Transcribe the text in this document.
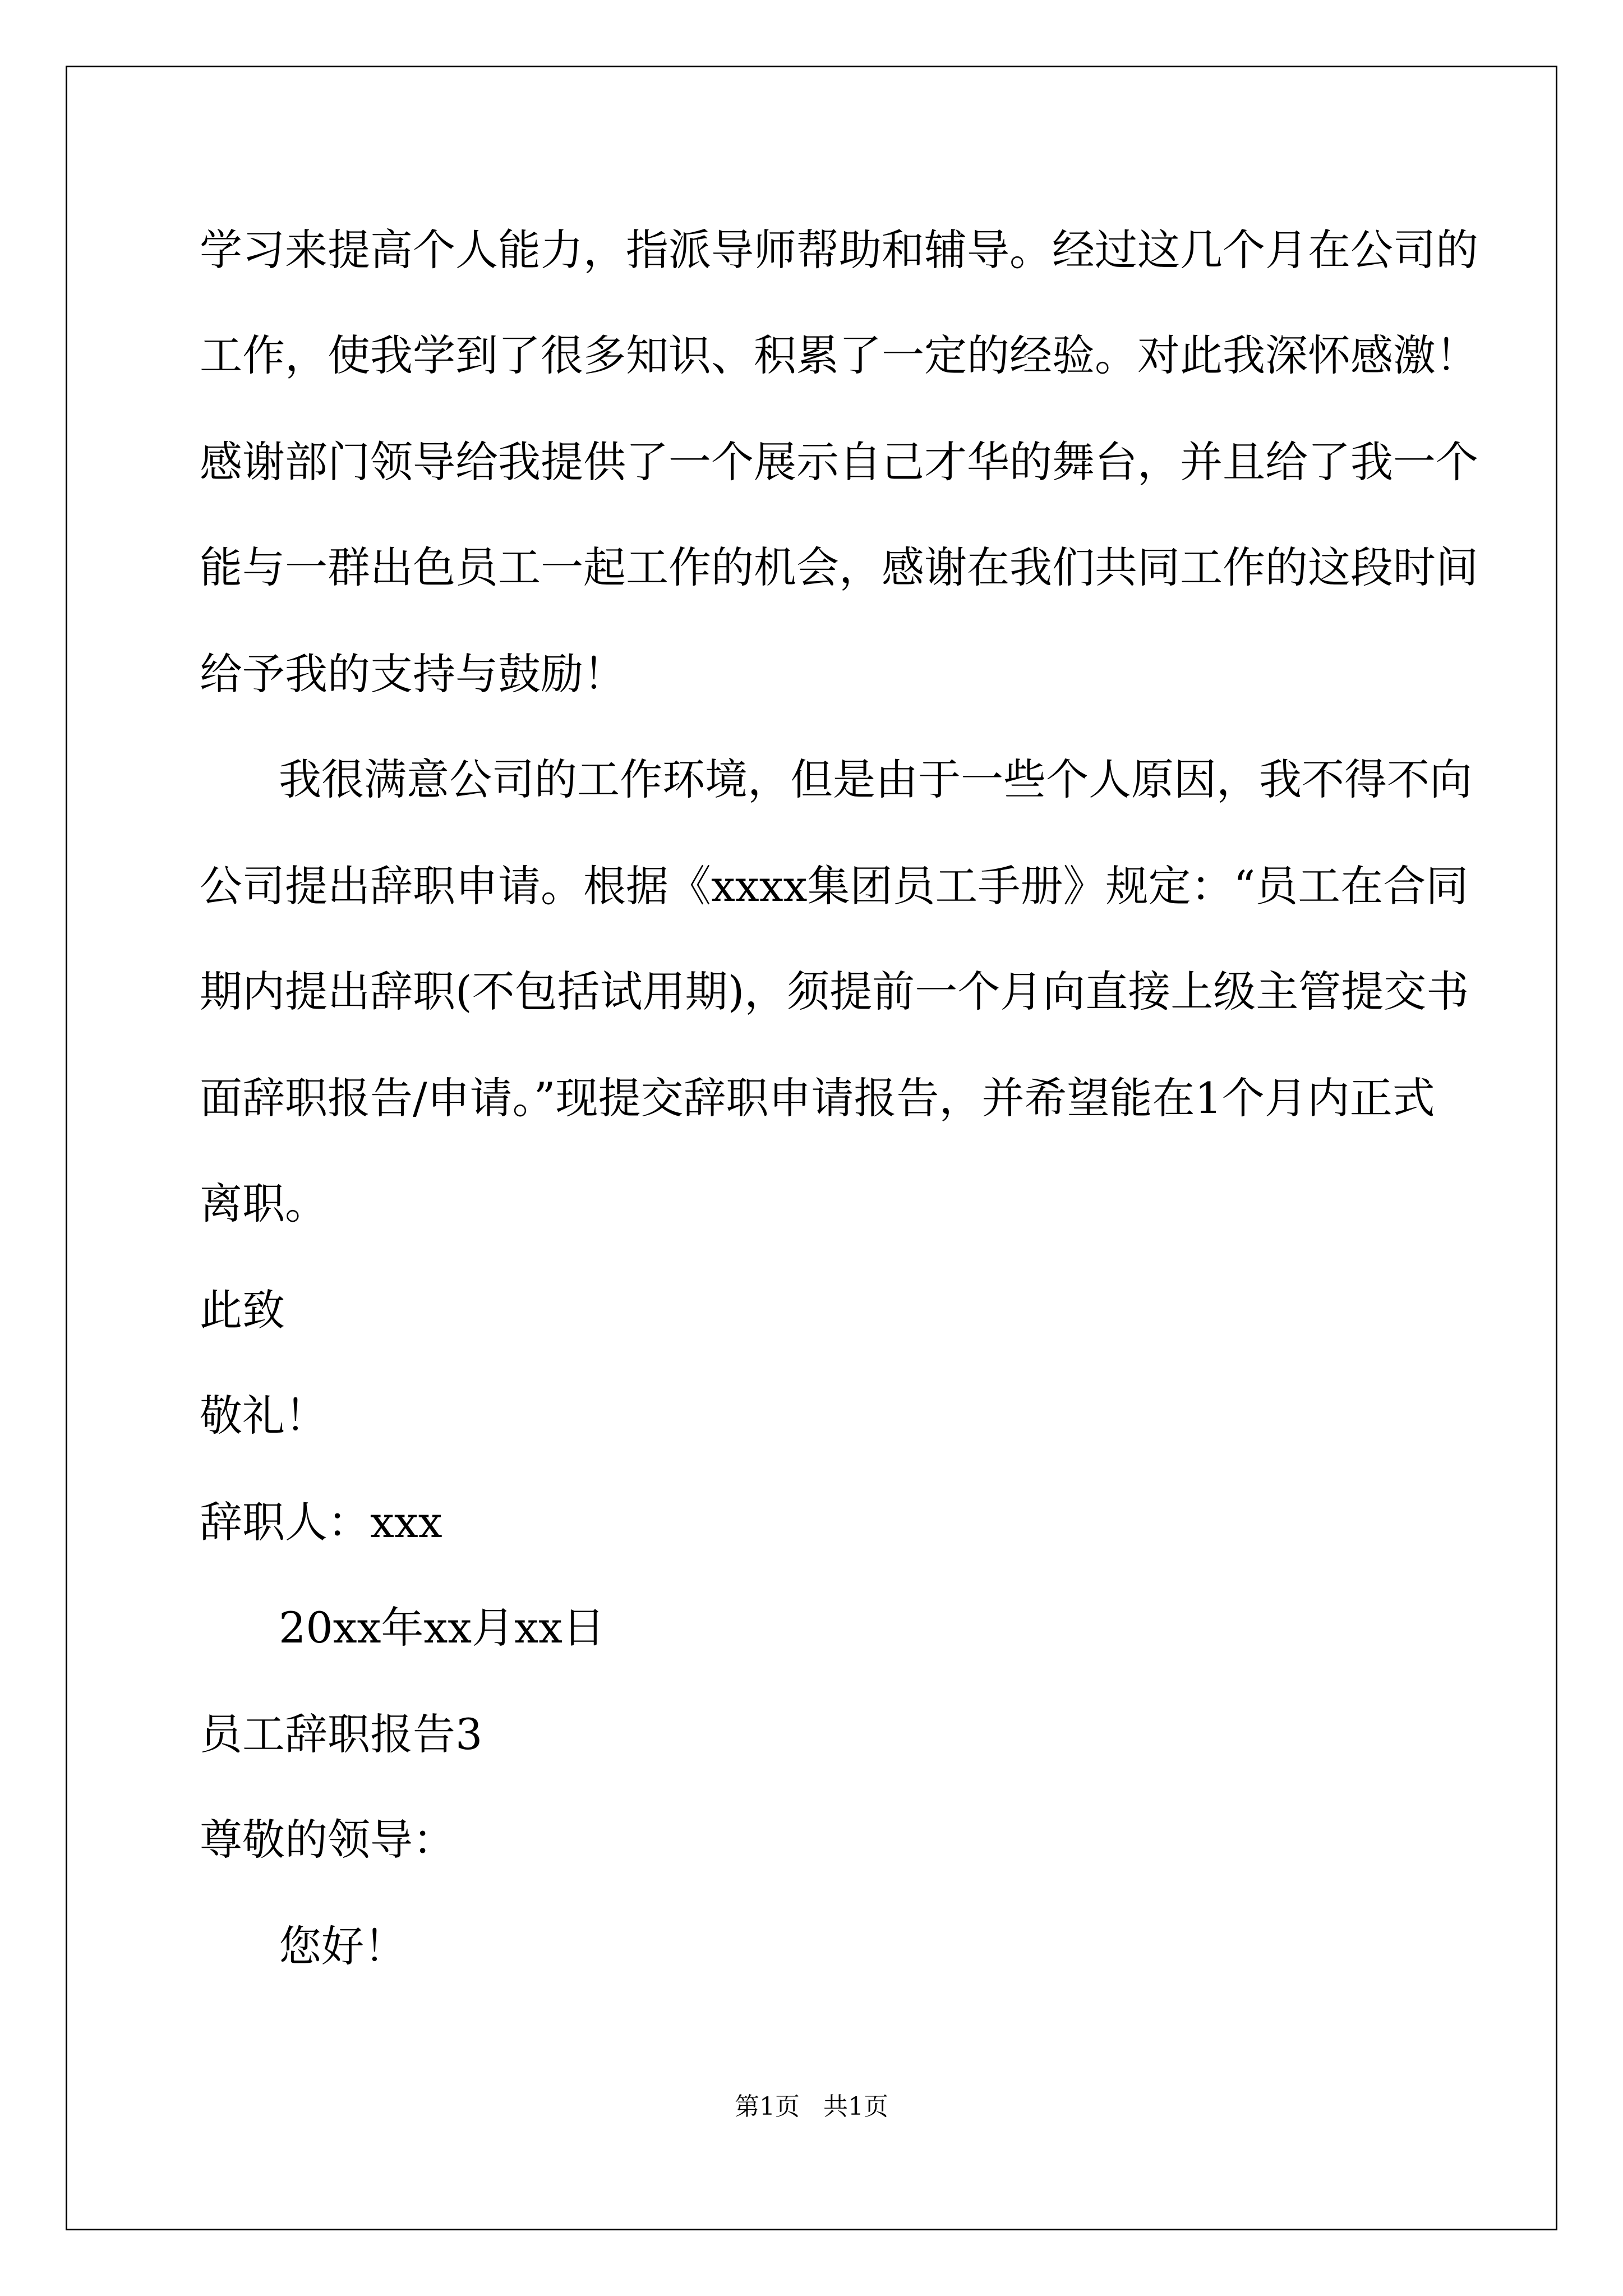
学习来提高个人能力，指派导师帮助和辅导。经过这几个月在公司的
工作，使我学到了很多知识、积累了一定的经验。对此我深怀感激！
感谢部门领导给我提供了一个展示自己才华的舞台，并且给了我一个
能与一群出色员工一起工作的机会，感谢在我们共同工作的这段时间
给予我的支持与鼓励！
我很满意公司的工作环境，但是由于一些个人原因，我不得不向
公司提出辞职申请。根据《xxxx集团员工手册》规定：“员工在合同
期内提出辞职(不包括试用期)，须提前一个月向直接上级主管提交书
面辞职报告/申请。”现提交辞职申请报告，并希望能在1个月内正式
离职。
此致
敬礼！
辞职人：xxx
20xx年xx月xx日
员工辞职报告3
尊敬的领导：
您好！
第1页   共1页
